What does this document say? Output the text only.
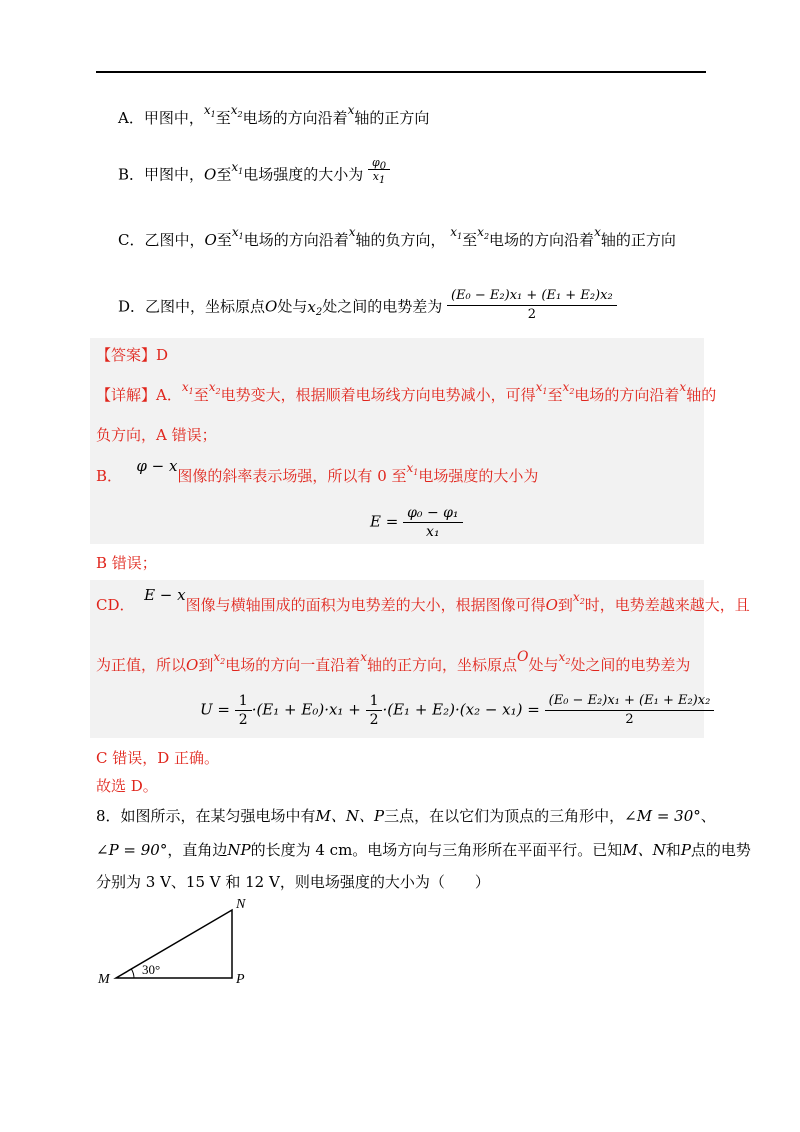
A．甲图中，$^{x_1}$至$^{x_2}$电场的方向沿着$^x$轴的正方向
B．甲图中，O至$^{x_1}$电场强度的大小为 $\frac{\varphi_0}{x_1}$
C．乙图中，O至$^{x_1}$电场的方向沿着$^x$轴的负方向， $^{x_1}$至$^{x_2}$电场的方向沿着$^x$轴的正方向
D．乙图中，坐标原点O处与$x_2$处之间的电势差为 $\frac{\text{(E₀ − E₂)x₁ + (E₁ + E₂)x₂}}{2}$
【答案】D
【详解】A．$^{x_1}$至$^{x_2}$电势变大，根据顺着电场线方向电势减小，可得$^{x_1}$至$^{x_2}$电场的方向沿着$^x$轴的
负方向，A 错误；
B．   φ − x图像的斜率表示场强，所以有 0 至$^{x_1}$电场强度的大小为
$E = \frac{\text{φ₀ − φ₁}}{\text{x₁}}$
B 错误；
CD．  E − x图像与横轴围成的面积为电势差的大小，根据图像可得O到$^{x_2}$时，电势差越来越大，且
为正值，所以O到$^{x_2}$电场的方向一直沿着$^x$轴的正方向，坐标原点O处与$^{x_2}$处之间的电势差为
$U = \frac{1}{2} \cdot(E_1 + E_0)\cdot x_1 + \frac{1}{2} \cdot(E_1 + E_2)\cdot(x_2 - x_1) = \frac{\text{(E₀ − E₂)x₁ + (E₁ + E₂)x₂}}{2}$
C 错误，D 正确。
故选 D。
8．如图所示，在某匀强电场中有M、N、P三点，在以它们为顶点的三角形中，∠M = 30°、
∠P = 90°，直角边NP的长度为 4 cm。电场方向与三角形所在平面平行。已知M、N和P点的电势
分别为 3 V、15 V 和 12 V，则电场强度的大小为（　　）
M
N
P
30°
